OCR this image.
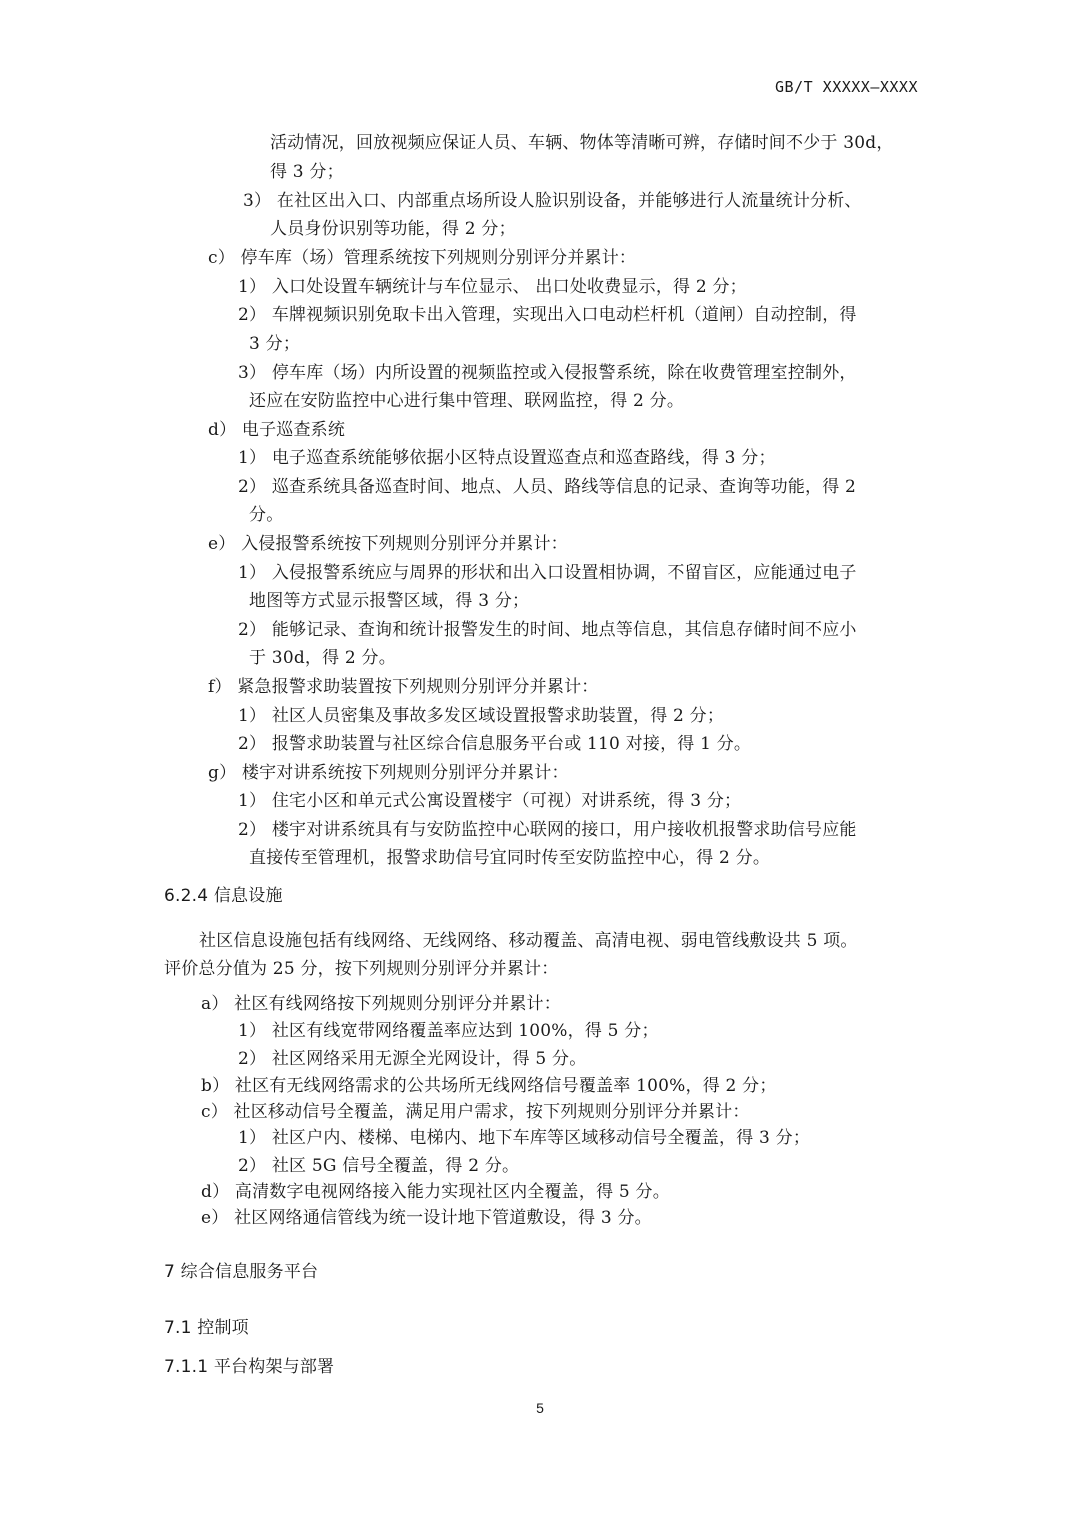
GB/T XXXXX—XXXX
活动情况，回放视频应保证人员、车辆、物体等清晰可辨，存储时间不少于 30d，
得 3 分；
3） 在社区出入口、内部重点场所设人脸识别设备，并能够进行人流量统计分析、
人员身份识别等功能，得 2 分；
c） 停车库（场）管理系统按下列规则分别评分并累计：
1） 入口处设置车辆统计与车位显示、 出口处收费显示，得 2 分；
2） 车牌视频识别免取卡出入管理，实现出入口电动栏杆机（道闸）自动控制，得
3 分；
3） 停车库（场）内所设置的视频监控或入侵报警系统，除在收费管理室控制外，
还应在安防监控中心进行集中管理、联网监控，得 2 分。
d） 电子巡查系统
1） 电子巡查系统能够依据小区特点设置巡查点和巡查路线，得 3 分；
2） 巡查系统具备巡查时间、地点、人员、路线等信息的记录、查询等功能，得 2
分。
e） 入侵报警系统按下列规则分别评分并累计：
1） 入侵报警系统应与周界的形状和出入口设置相协调，不留盲区，应能通过电子
地图等方式显示报警区域，得 3 分；
2） 能够记录、查询和统计报警发生的时间、地点等信息，其信息存储时间不应小
于 30d，得 2 分。
f） 紧急报警求助装置按下列规则分别评分并累计：
1） 社区人员密集及事故多发区域设置报警求助装置，得 2 分；
2） 报警求助装置与社区综合信息服务平台或 110 对接，得 1 分。
g） 楼宇对讲系统按下列规则分别评分并累计：
1） 住宅小区和单元式公寓设置楼宇（可视）对讲系统，得 3 分；
2） 楼宇对讲系统具有与安防监控中心联网的接口，用户接收机报警求助信号应能
直接传至管理机，报警求助信号宜同时传至安防监控中心，得 2 分。
6.2.4 信息设施
社区信息设施包括有线网络、无线网络、移动覆盖、高清电视、弱电管线敷设共 5 项。
评价总分值为 25 分，按下列规则分别评分并累计：
a） 社区有线网络按下列规则分别评分并累计：
1） 社区有线宽带网络覆盖率应达到 100%，得 5 分；
2） 社区网络采用无源全光网设计，得 5 分。
b） 社区有无线网络需求的公共场所无线网络信号覆盖率 100%，得 2 分；
c） 社区移动信号全覆盖，满足用户需求，按下列规则分别评分并累计：
1） 社区户内、楼梯、电梯内、地下车库等区域移动信号全覆盖，得 3 分；
2） 社区 5G 信号全覆盖，得 2 分。
d） 高清数字电视网络接入能力实现社区内全覆盖，得 5 分。
e） 社区网络通信管线为统一设计地下管道敷设，得 3 分。
7 综合信息服务平台
7.1 控制项
7.1.1 平台构架与部署
5
